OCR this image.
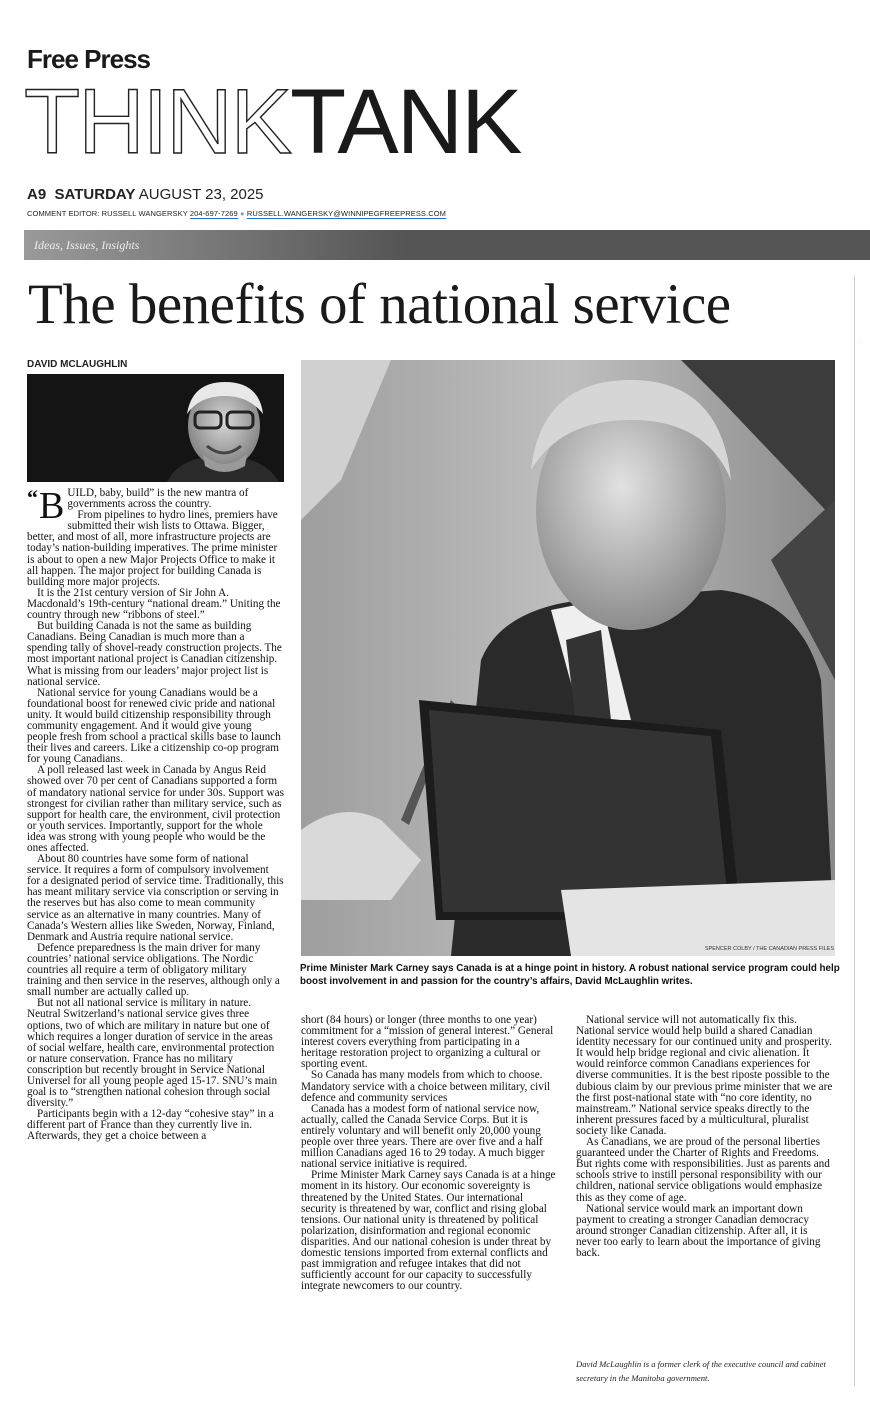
Free Press
THINKTANK
A9 SATURDAY AUGUST 23, 2025
COMMENT EDITOR: RUSSELL WANGERSKY 204-697-7269 ● RUSSELL.WANGERSKY@WINNIPEGFREEPRESS.COM
Ideas, Issues, Insights
·
The benefits of national service
DAVID MCLAUGHLIN
SPENCER COLBY / THE CANADIAN PRESS FILES
Prime Minister Mark Carney says Canada is at a hinge point in history. A robust national service program could help boost involvement in and passion for the country’s affairs, David McLaughlin writes.

“ B UILD, baby, build” is the new mantra of governments across the country.

From pipelines to hydro lines, premiers have submitted their wish lists to Ottawa. Bigger, better, and most of all, more infrastructure projects are today’s nation-building imperatives. The prime minister is about to open a new Major Projects Office to make it all happen. The major project for building Canada is building more major projects.

It is the 21st century version of Sir John A. Macdonald’s 19th-century “national dream.” Uniting the country through new “ribbons of steel.”

But building Canada is not the same as building Canadians. Being Canadian is much more than a spending tally of shovel-ready construction projects. The most important national project is Canadian citizenship. What is missing from our leaders’ major project list is national service.

National service for young Canadians would be a foundational boost for renewed civic pride and national unity. It would build citizenship responsibility through community engagement. And it would give young people fresh from school a practical skills base to launch their lives and careers. Like a citizenship co-op program for young Canadians.

A poll released last week in Canada by Angus Reid showed over 70 per cent of Canadians supported a form of mandatory national service for under 30s. Support was strongest for civilian rather than military service, such as support for health care, the environment, civil protection or youth services. Importantly, support for the whole idea was strong with young people who would be the ones affected.

About 80 countries have some form of national service. It requires a form of compulsory involvement for a designated period of service time. Traditionally, this has meant military service via conscription or serving in the reserves but has also come to mean community service as an alternative in many countries. Many of Canada’s Western allies like Sweden, Norway, Finland, Denmark and Austria require national service.

Defence preparedness is the main driver for many countries’ national service obligations. The Nordic countries all require a term of obligatory military training and then service in the reserves, although only a small number are actually called up.

But not all national service is military in nature. Neutral Switzerland’s national service gives three options, two of which are military in nature but one of which requires a longer duration of service in the areas of social welfare, health care, environmental protection or nature conservation. France has no military conscription but recently brought in Service National Universel for all young people aged 15-17. SNU’s main goal is to “strengthen national cohesion through social diversity.”

Participants begin with a 12-day “cohesive stay” in a different part of France than they currently live in. Afterwards, they get a choice between a

short (84 hours) or longer (three months to one year) commitment for a “mission of general interest.” General interest covers everything from participating in a heritage restoration project to organizing a cultural or sporting event.

So Canada has many models from which to choose. Mandatory service with a choice between military, civil defence and community services

Canada has a modest form of national service now, actually, called the Canada Service Corps. But it is entirely voluntary and will benefit only 20,000 young people over three years. There are over five and a half million Canadians aged 16 to 29 today. A much bigger national service initiative is required.

Prime Minister Mark Carney says Canada is at a hinge moment in its history. Our economic sovereignty is threatened by the United States. Our international security is threatened by war, conflict and rising global tensions. Our national unity is threatened by political polarization, disinformation and regional economic disparities. And our national cohesion is under threat by domestic tensions imported from external conflicts and past immigration and refugee intakes that did not sufficiently account for our capacity to successfully integrate newcomers to our country.

National service will not automatically fix this. National service would help build a shared Canadian identity necessary for our continued unity and prosperity. It would help bridge regional and civic alienation. It would reinforce common Canadians experiences for diverse communities. It is the best riposte possible to the dubious claim by our previous prime minister that we are the first post-national state with “no core identity, no mainstream.” National service speaks directly to the inherent pressures faced by a multicultural, pluralist society like Canada.

As Canadians, we are proud of the personal liberties guaranteed under the Charter of Rights and Freedoms. But rights come with responsibilities. Just as parents and schools strive to instill personal responsibility with our children, national service obligations would emphasize this as they come of age.

National service would mark an important down payment to creating a stronger Canadian democracy around stronger Canadian citizenship. After all, it is never too early to learn about the importance of giving back.

David McLaughlin is a former clerk of the executive council and cabinet secretary in the Manitoba government.
